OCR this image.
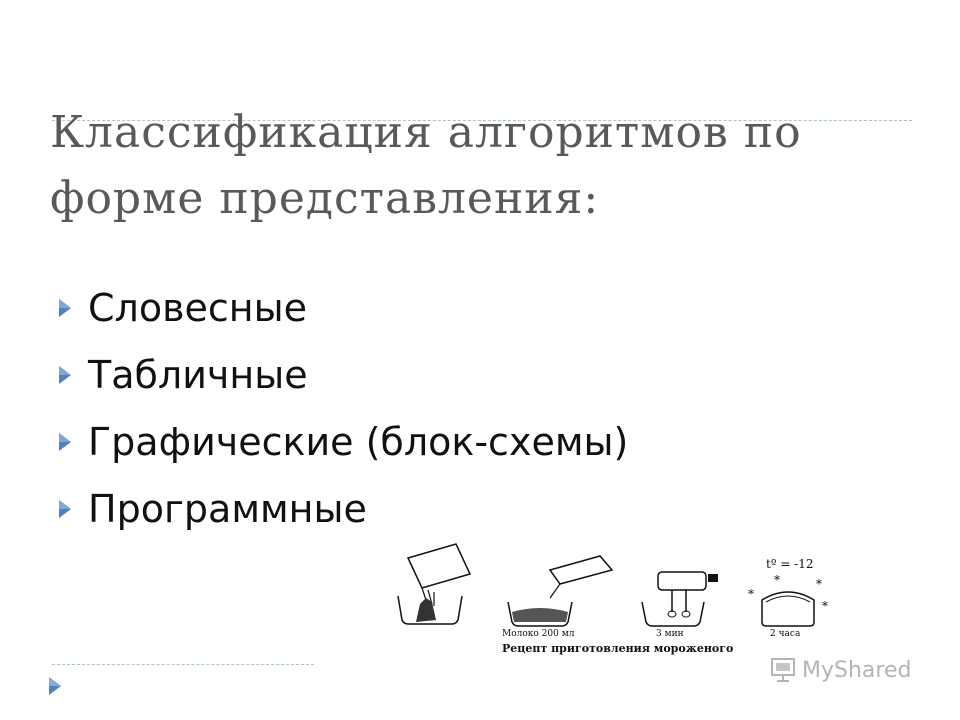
Классификация алгоритмов по форме представления:
Словесные
Табличные
Графические (блок-схемы)
Программные
Молоко 200 мл	3 мин
tº = -12
*	*
*
*
2 часа
Рецепт приготовления мороженого
MyShared
